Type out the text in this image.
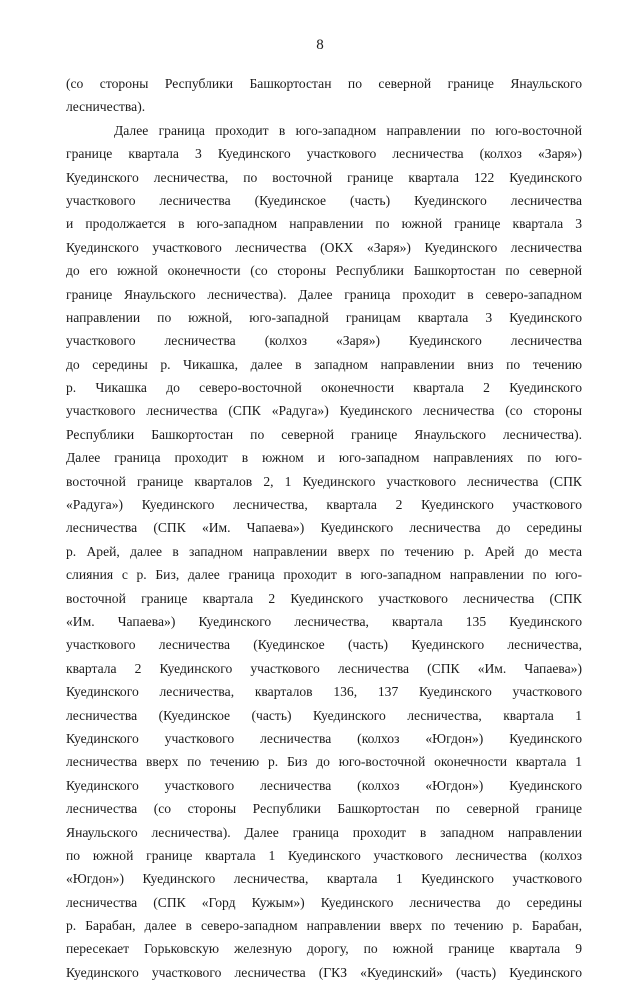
8
(со стороны Республики Башкортостан по северной границе Янаульского
лесничества).
Далее граница проходит в юго-западном направлении по юго-восточной
границе квартала 3 Куединского участкового лесничества (колхоз «Заря»)
Куединского лесничества, по восточной границе квартала 122 Куединского
участкового лесничества (Куединское (часть) Куединского лесничества
и продолжается в юго-западном направлении по южной границе квартала 3
Куединского участкового лесничества (ОКХ «Заря») Куединского лесничества
до его южной оконечности (со стороны Республики Башкортостан по северной
границе Янаульского лесничества). Далее граница проходит в северо-западном
направлении по южной, юго-западной границам квартала 3 Куединского
участкового лесничества (колхоз «Заря») Куединского лесничества
до середины р. Чикашка, далее в западном направлении вниз по течению
р. Чикашка до северо-восточной оконечности квартала 2 Куединского
участкового лесничества (СПК «Радуга») Куединского лесничества (со стороны
Республики Башкортостан по северной границе Янаульского лесничества).
Далее граница проходит в южном и юго-западном направлениях по юго-
восточной границе кварталов 2, 1 Куединского участкового лесничества (СПК
«Радуга») Куединского лесничества, квартала 2 Куединского участкового
лесничества (СПК «Им. Чапаева») Куединского лесничества до середины
р. Арей, далее в западном направлении вверх по течению р. Арей до места
слияния с р. Биз, далее граница проходит в юго-западном направлении по юго-
восточной границе квартала 2 Куединского участкового лесничества (СПК
«Им. Чапаева») Куединского лесничества, квартала 135 Куединского
участкового лесничества (Куединское (часть) Куединского лесничества,
квартала 2 Куединского участкового лесничества (СПК «Им. Чапаева»)
Куединского лесничества, кварталов 136, 137 Куединского участкового
лесничества (Куединское (часть) Куединского лесничества, квартала 1
Куединского участкового лесничества (колхоз «Югдон») Куединского
лесничества вверх по течению р. Биз до юго-восточной оконечности квартала 1
Куединского участкового лесничества (колхоз «Югдон») Куединского
лесничества (со стороны Республики Башкортостан по северной границе
Янаульского лесничества). Далее граница проходит в западном направлении
по южной границе квартала 1 Куединского участкового лесничества (колхоз
«Югдон») Куединского лесничества, квартала 1 Куединского участкового
лесничества (СПК «Горд Кужым») Куединского лесничества до середины
р. Барабан, далее в северо-западном направлении вверх по течению р. Барабан,
пересекает Горьковскую железную дорогу, по южной границе квартала 9
Куединского участкового лесничества (ГКЗ «Куединский» (часть) Куединского
